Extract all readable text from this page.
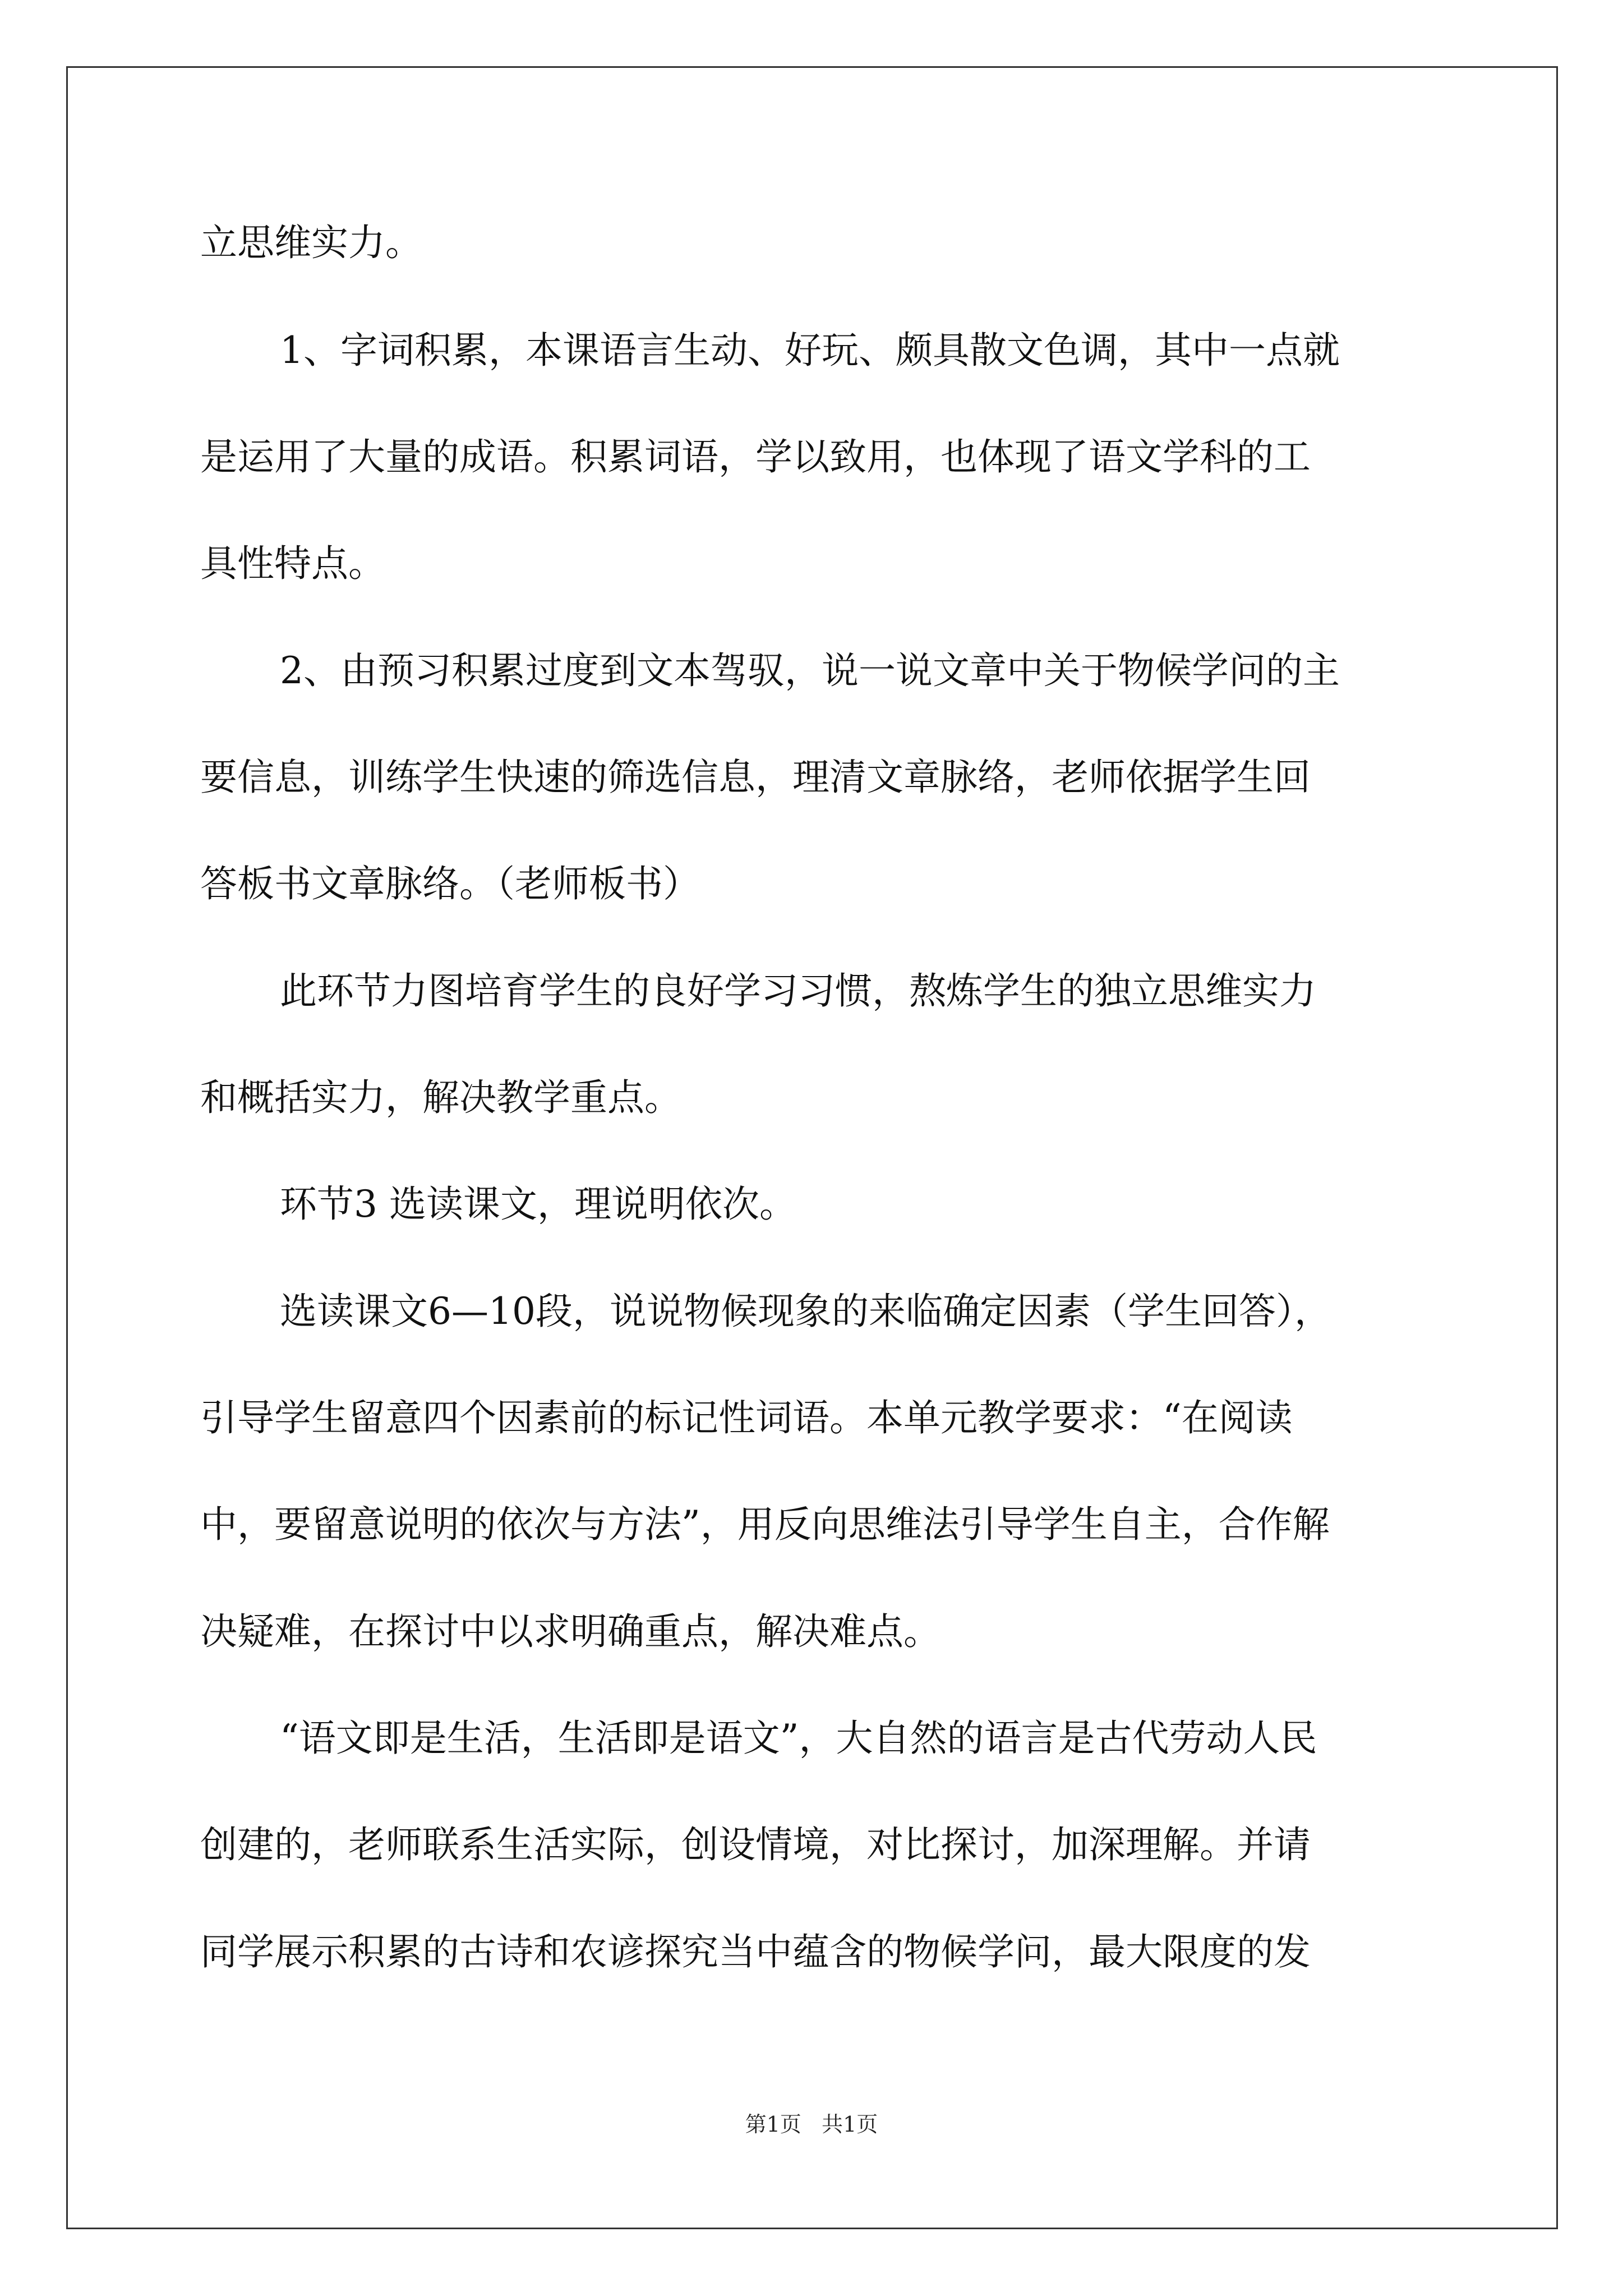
立思维实力。
1、字词积累，本课语言生动、好玩、颇具散文色调，其中一点就
是运用了大量的成语。积累词语，学以致用，也体现了语文学科的工
具性特点。
2、由预习积累过度到文本驾驭，说一说文章中关于物候学问的主
要信息，训练学生快速的筛选信息，理清文章脉络，老师依据学生回
答板书文章脉络。（老师板书）
此环节力图培育学生的良好学习习惯，熬炼学生的独立思维实力
和概括实力，解决教学重点。
环节3 选读课文，理说明依次。
选读课文6—10段，说说物候现象的来临确定因素（学生回答），
引导学生留意四个因素前的标记性词语。本单元教学要求：“在阅读
中，要留意说明的依次与方法”，用反向思维法引导学生自主，合作解
决疑难，在探讨中以求明确重点，解决难点。
“语文即是生活，生活即是语文”，大自然的语言是古代劳动人民
创建的，老师联系生活实际，创设情境，对比探讨，加深理解。并请
同学展示积累的古诗和农谚探究当中蕴含的物候学问，最大限度的发
第1页 共1页
